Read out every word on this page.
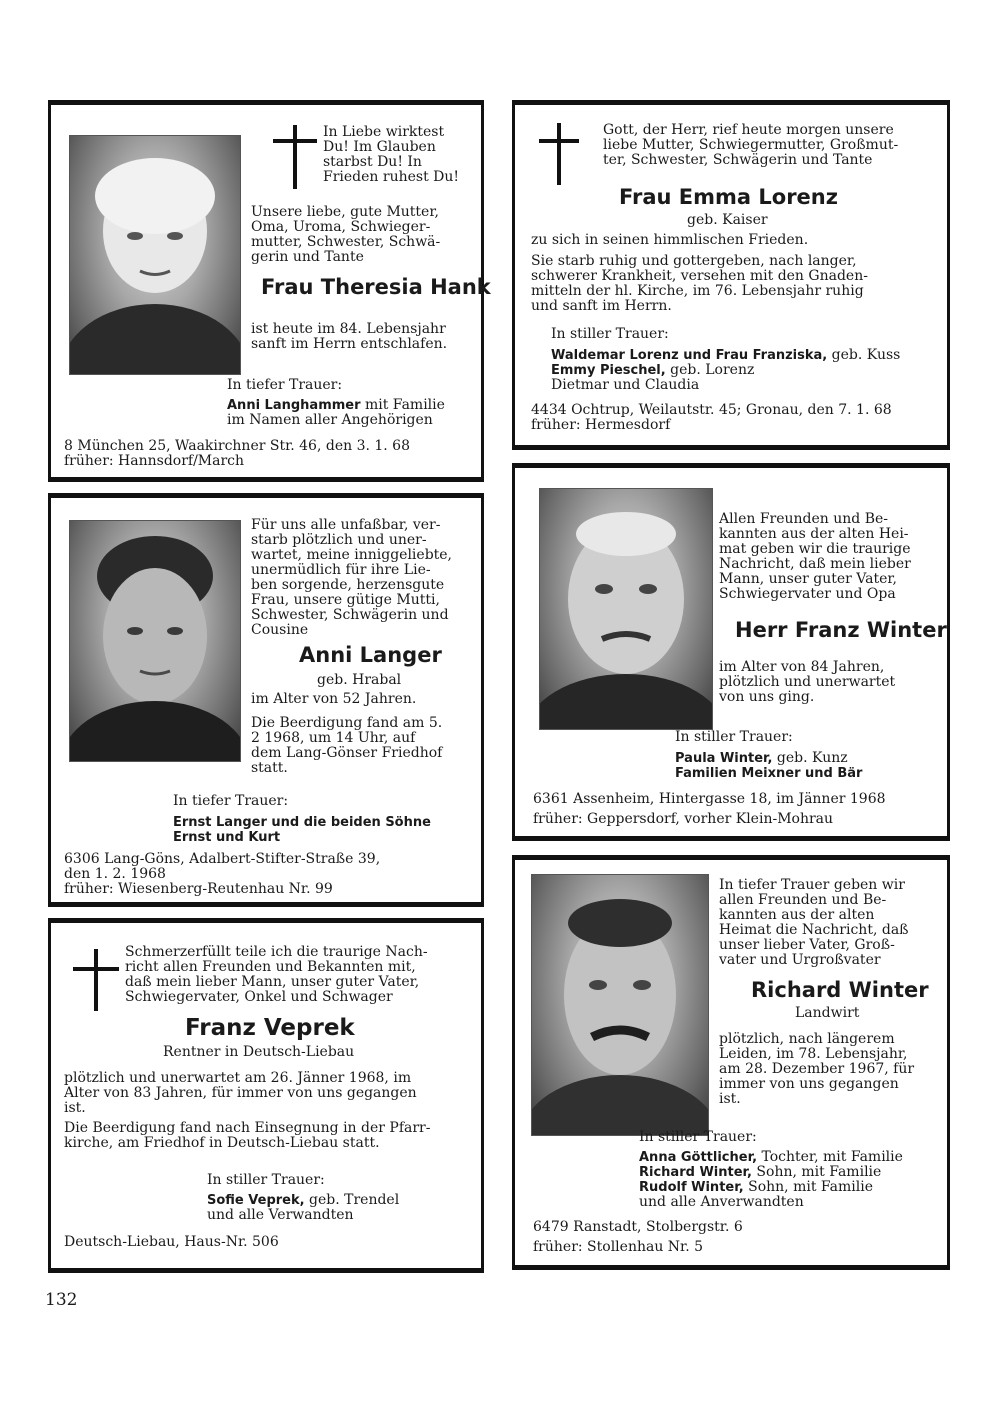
In Liebe wirktest
Du! Im Glauben
starbst Du! In
Frieden ruhest Du!
Unsere liebe, gute Mutter,
Oma, Uroma, Schwieger-
mutter, Schwester, Schwä-
gerin und Tante
Frau Theresia Hank
ist heute im 84. Lebensjahr
sanft im Herrn entschlafen.
In tiefer Trauer:
Anni Langhammer mit Familie
im Namen aller Angehörigen
8 München 25, Waakirchner Str. 46, den 3. 1. 68
früher: Hannsdorf/March
Gott, der Herr, rief heute morgen unsere
liebe Mutter, Schwiegermutter, Großmut-
ter, Schwester, Schwägerin und Tante
Frau Emma Lorenz
geb. Kaiser
zu sich in seinen himmlischen Frieden.
Sie starb ruhig und gottergeben, nach langer,
schwerer Krankheit, versehen mit den Gnaden-
mitteln der hl. Kirche, im 76. Lebensjahr ruhig
und sanft im Herrn.
In stiller Trauer:
Waldemar Lorenz und Frau Franziska, geb. Kuss
Emmy Pieschel, geb. Lorenz
Dietmar und Claudia
4434 Ochtrup, Weilautstr. 45; Gronau, den 7. 1. 68
früher: Hermesdorf
Für uns alle unfaßbar, ver-
starb plötzlich und uner-
wartet, meine inniggeliebte,
unermüdlich für ihre Lie-
ben sorgende, herzensgute
Frau, unsere gütige Mutti,
Schwester, Schwägerin und
Cousine
Anni Langer
geb. Hrabal
im Alter von 52 Jahren.
Die Beerdigung fand am 5.
2 1968, um 14 Uhr, auf
dem Lang-Gönser Friedhof
statt.
In tiefer Trauer:
Ernst Langer und die beiden Söhne
Ernst und Kurt
6306 Lang-Göns, Adalbert-Stifter-Straße 39,
den 1. 2. 1968
früher: Wiesenberg-Reutenhau Nr. 99
Allen Freunden und Be-
kannten aus der alten Hei-
mat geben wir die traurige
Nachricht, daß mein lieber
Mann, unser guter Vater,
Schwiegervater und Opa
Herr Franz Winter
im Alter von 84 Jahren,
plötzlich und unerwartet
von uns ging.
In stiller Trauer:
Paula Winter, geb. Kunz
Familien Meixner und Bär
6361 Assenheim, Hintergasse 18, im Jänner 1968
früher: Geppersdorf, vorher Klein-Mohrau
Schmerzerfüllt teile ich die traurige Nach-
richt allen Freunden und Bekannten mit,
daß mein lieber Mann, unser guter Vater,
Schwiegervater, Onkel und Schwager
Franz Veprek
Rentner in Deutsch-Liebau
plötzlich und unerwartet am 26. Jänner 1968, im
Alter von 83 Jahren, für immer von uns gegangen
ist.
Die Beerdigung fand nach Einsegnung in der Pfarr-
kirche, am Friedhof in Deutsch-Liebau statt.
In stiller Trauer:
Sofie Veprek, geb. Trendel
und alle Verwandten
Deutsch-Liebau, Haus-Nr. 506
In tiefer Trauer geben wir
allen Freunden und Be-
kannten aus der alten
Heimat die Nachricht, daß
unser lieber Vater, Groß-
vater und Urgroßvater
Richard Winter
Landwirt
plötzlich, nach längerem
Leiden, im 78. Lebensjahr,
am 28. Dezember 1967, für
immer von uns gegangen
ist.
In stiller Trauer:
Anna Göttlicher, Tochter, mit Familie
Richard Winter, Sohn, mit Familie
Rudolf Winter, Sohn, mit Familie
und alle Anverwandten
6479 Ranstadt, Stolbergstr. 6
früher: Stollenhau Nr. 5
132
